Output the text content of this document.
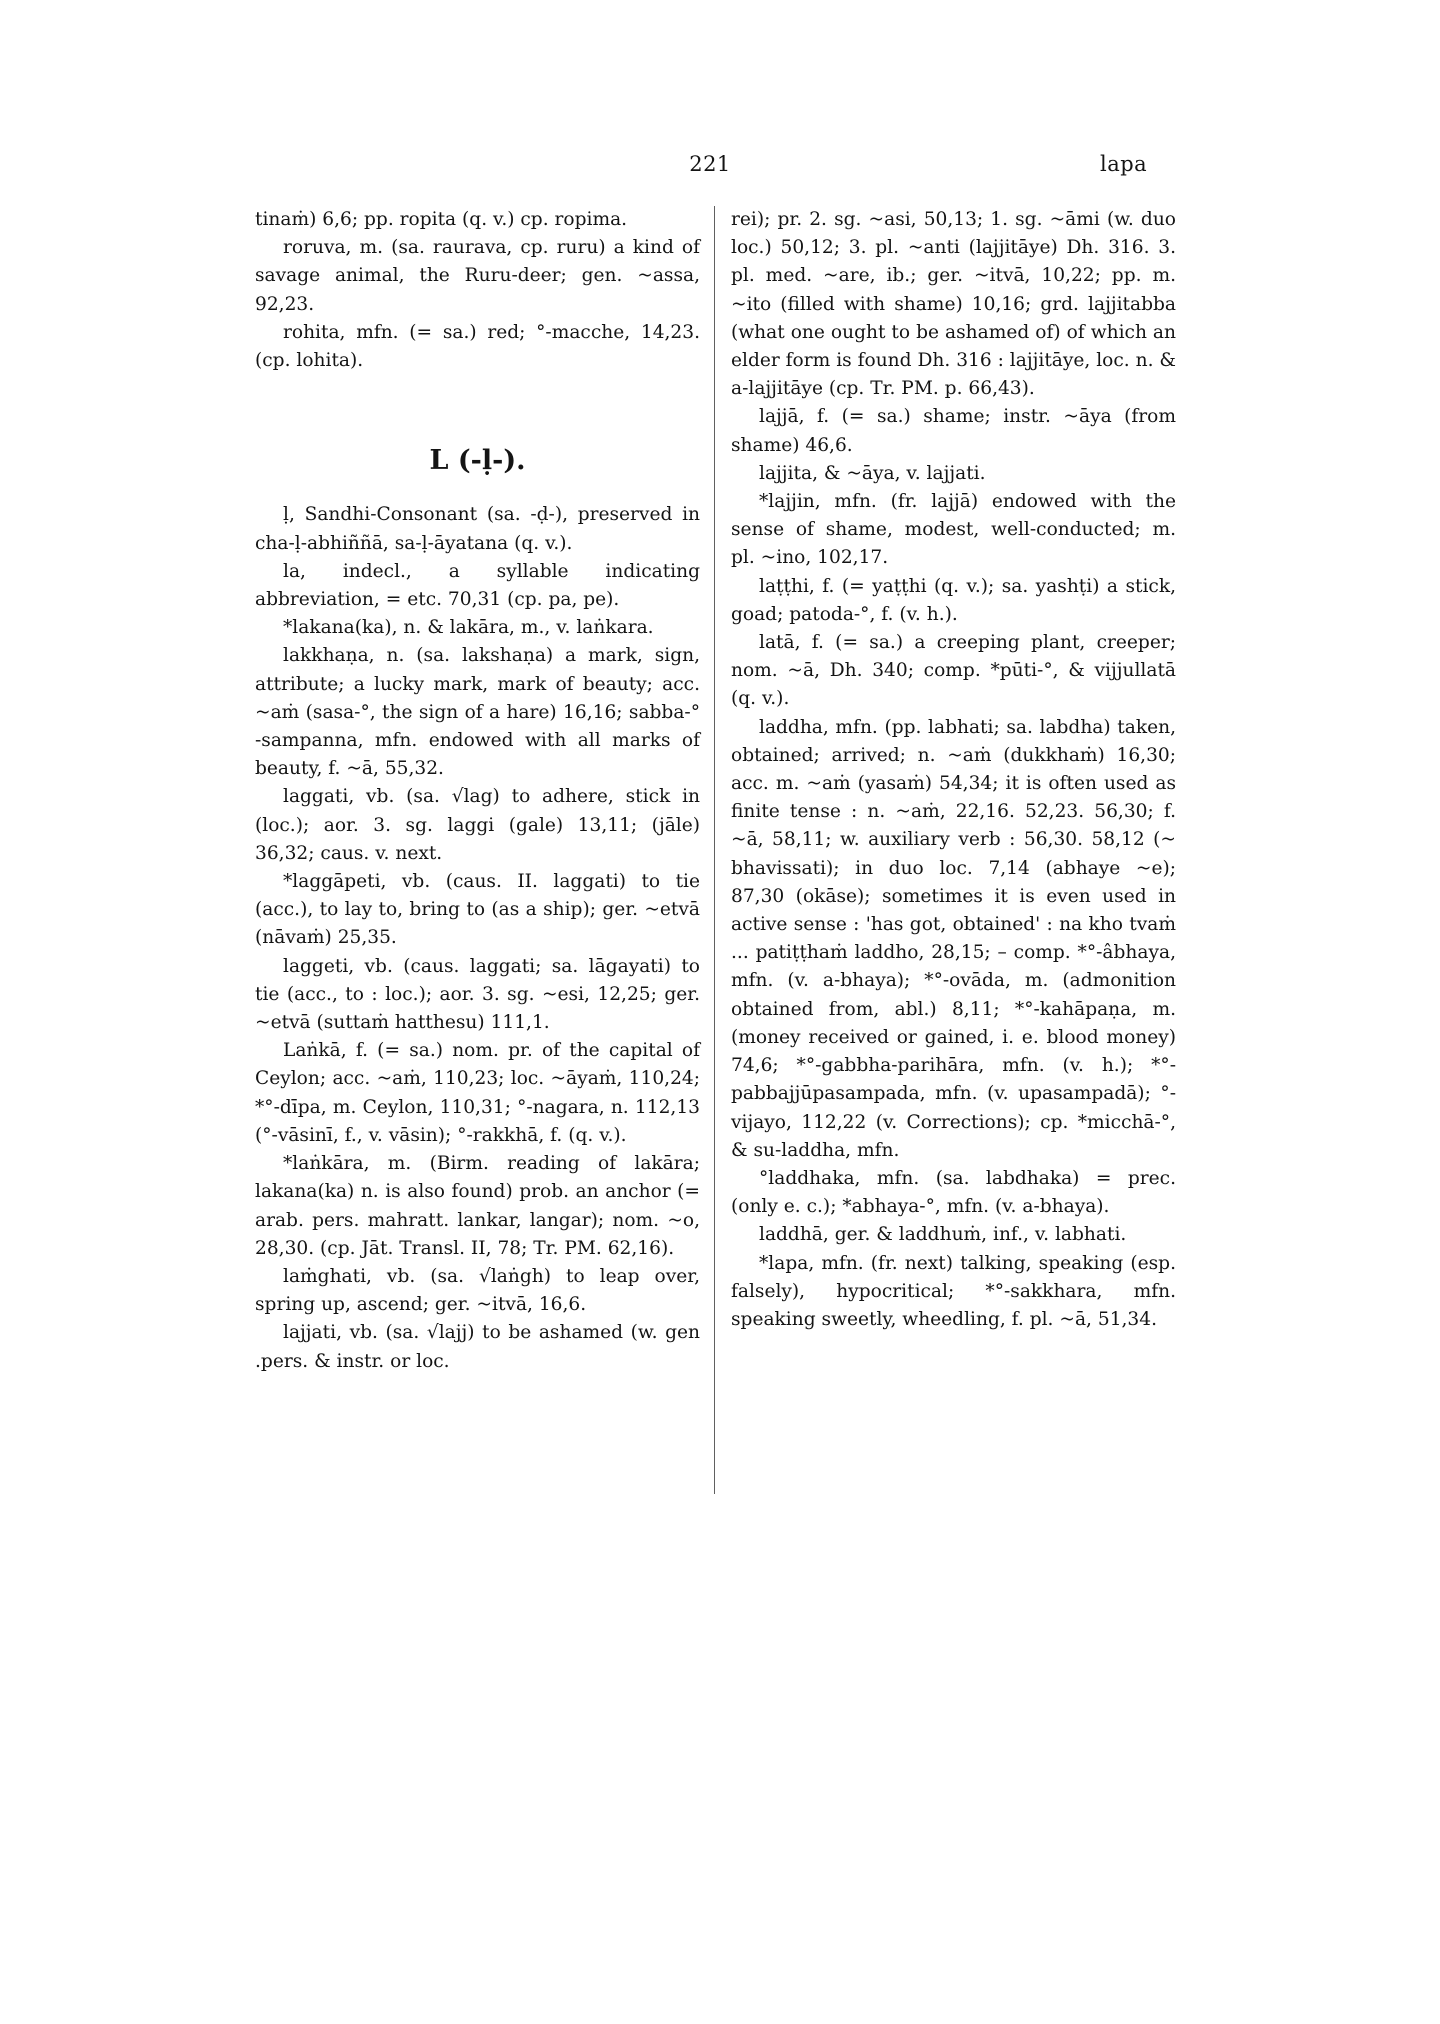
221	lapa

tinaṁ) 6,6; pp. ropita (q. v.) cp. ropima.

roruva, m. (sa. raurava, cp. ruru) a kind of savage animal, the Ruru-deer; gen. ~assa, 92,23.

rohita, mfn. (= sa.) red; °-macche, 14,23. (cp. lohita).

L (-ḷ-).

ḷ, Sandhi-Consonant (sa. -ḍ-), preserved in cha-ḷ-abhiññā, sa-ḷ-āyatana (q. v.).

la, indecl., a syllable indicating abbreviation, = etc. 70,31 (cp. pa, pe).

*lakana(ka), n. & lakāra, m., v. laṅkara.

lakkhaṇa, n. (sa. lakshaṇa) a mark, sign, attribute; a lucky mark, mark of beauty; acc. ~aṁ (sasa-°, the sign of a hare) 16,16; sabba-° -sampanna, mfn. endowed with all marks of beauty, f. ~ā, 55,32.

laggati, vb. (sa. √lag) to adhere, stick in (loc.); aor. 3. sg. laggi (gale) 13,11; (jāle) 36,32; caus. v. next.

*laggāpeti, vb. (caus. II. laggati) to tie (acc.), to lay to, bring to (as a ship); ger. ~etvā (nāvaṁ) 25,35.

laggeti, vb. (caus. laggati; sa. lāgayati) to tie (acc., to : loc.); aor. 3. sg. ~esi, 12,25; ger. ~etvā (suttaṁ hatthesu) 111,1.

Laṅkā, f. (= sa.) nom. pr. of the capital of Ceylon; acc. ~aṁ, 110,23; loc. ~āyaṁ, 110,24; *°-dīpa, m. Ceylon, 110,31; °-nagara, n. 112,13 (°-vāsinī, f., v. vāsin); °-rakkhā, f. (q. v.).

*laṅkāra, m. (Birm. reading of lakāra; lakana(ka) n. is also found) prob. an anchor (= arab. pers. mahratt. lankar, langar); nom. ~o, 28,30. (cp. Jāt. Transl. II, 78; Tr. PM. 62,16).

laṁghati, vb. (sa. √laṅgh) to leap over, spring up, ascend; ger. ~itvā, 16,6.

lajjati, vb. (sa. √lajj) to be ashamed (w. gen .pers. & instr. or loc.

rei); pr. 2. sg. ~asi, 50,13; 1. sg. ~āmi (w. duo loc.) 50,12; 3. pl. ~anti (lajjitāye) Dh. 316. 3. pl. med. ~are, ib.; ger. ~itvā, 10,22; pp. m. ~ito (filled with shame) 10,16; grd. lajjitabba (what one ought to be ashamed of) of which an elder form is found Dh. 316 : lajjitāye, loc. n. & a-lajjitāye (cp. Tr. PM. p. 66,43).

lajjā, f. (= sa.) shame; instr. ~āya (from shame) 46,6.

lajjita, & ~āya, v. lajjati.

*lajjin, mfn. (fr. lajjā) endowed with the sense of shame, modest, well-conducted; m. pl. ~ino, 102,17.

laṭṭhi, f. (= yaṭṭhi (q. v.); sa. yashṭi) a stick, goad; patoda-°, f. (v. h.).

latā, f. (= sa.) a creeping plant, creeper; nom. ~ā, Dh. 340; comp. *pūti-°, & vijjullatā (q. v.).

laddha, mfn. (pp. labhati; sa. labdha) taken, obtained; arrived; n. ~aṁ (dukkhaṁ) 16,30; acc. m. ~aṁ (yasaṁ) 54,34; it is often used as finite tense : n. ~aṁ, 22,16. 52,23. 56,30; f. ~ā, 58,11; w. auxiliary verb : 56,30. 58,12 (~ bhavissati); in duo loc. 7,14 (abhaye ~e); 87,30 (okāse); sometimes it is even used in active sense : 'has got, obtained' : na kho tvaṁ ... patiṭṭhaṁ laddho, 28,15; – comp. *°-âbhaya, mfn. (v. a-bhaya); *°-ovāda, m. (admonition obtained from, abl.) 8,11; *°-kahāpaṇa, m. (money received or gained, i. e. blood money) 74,6; *°-gabbha-parihāra, mfn. (v. h.); *°-pabbajjūpasampada, mfn. (v. upasampadā); °-vijayo, 112,22 (v. Corrections); cp. *micchā-°, & su-laddha, mfn.

°laddhaka, mfn. (sa. labdhaka) = prec. (only e. c.); *abhaya-°, mfn. (v. a-bhaya).

laddhā, ger. & laddhuṁ, inf., v. labhati.

*lapa, mfn. (fr. next) talking, speaking (esp. falsely), hypocritical; *°-sakkhara, mfn. speaking sweetly, wheedling, f. pl. ~ā, 51,34.
